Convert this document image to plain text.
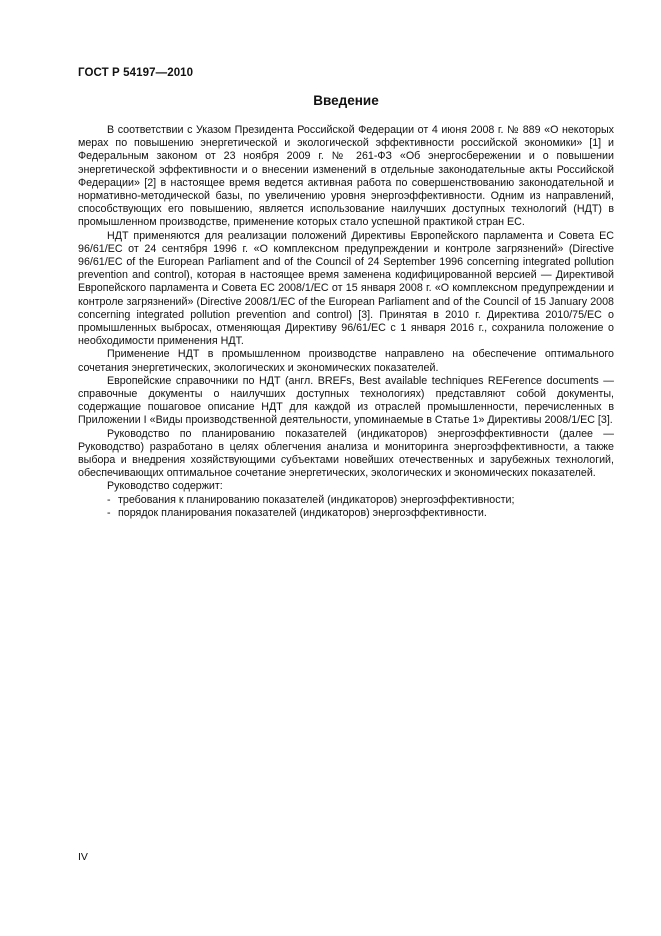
ГОСТ Р 54197—2010
Введение

В соответствии с Указом Президента Российской Федерации от 4 июня 2008 г. № 889 «О некоторых мерах по повышению энергетической и экологической эффективности российской экономики» [1] и Федеральным законом от 23 ноября 2009 г. № 261-ФЗ «Об энергосбережении и о повышении энергетической эффективности и о внесении изменений в отдельные законодательные акты Российской Федерации» [2] в настоящее время ведется активная работа по совершенствованию законодательной и нормативно-методической базы, по увеличению уровня энергоэффективности. Одним из направлений, способствующих его повышению, является использование наилучших доступных технологий (НДТ) в промышленном производстве, применение которых стало успешной практикой стран ЕС.

НДТ применяются для реализации положений Директивы Европейского парламента и Совета ЕС 96/61/ЕС от 24 сентября 1996 г. «О комплексном предупреждении и контроле загрязнений» (Directive 96/61/EC of the European Parliament and of the Council of 24 September 1996 concerning integrated pollution prevention and control), которая в настоящее время заменена кодифицированной версией — Директивой Европейского парламента и Совета ЕС 2008/1/ЕС от 15 января 2008 г. «О комплексном предупреждении и контроле загрязнений» (Directive 2008/1/EC of the European Parliament and of the Council of 15 January 2008 concerning integrated pollution prevention and control) [3]. Принятая в 2010 г. Директива 2010/75/ЕС о промышленных выбросах, отменяющая Директиву 96/61/ЕС с 1 января 2016 г., сохранила положение о необходимости применения НДТ.

Применение НДТ в промышленном производстве направлено на обеспечение оптимального сочетания энергетических, экологических и экономических показателей.

Европейские справочники по НДТ (англ. BREFs, Best available techniques REFerence documents — справочные документы о наилучших доступных технологиях) представляют собой документы, содержащие пошаговое описание НДТ для каждой из отраслей промышленности, перечисленных в Приложении I «Виды производственной деятельности, упоминаемые в Статье 1» Директивы 2008/1/ЕС [3].

Руководство по планированию показателей (индикаторов) энергоэффективности (далее —Руководство) разработано в целях облегчения анализа и мониторинга энергоэффективности, а также выбора и внедрения хозяйствующими субъектами новейших отечественных и зарубежных технологий, обеспечивающих оптимальное сочетание энергетических, экологических и экономических показателей.

Руководство содержит:

- требования к планированию показателей (индикаторов) энергоэффективности;
- порядок планирования показателей (индикаторов) энергоэффективности.
IV
